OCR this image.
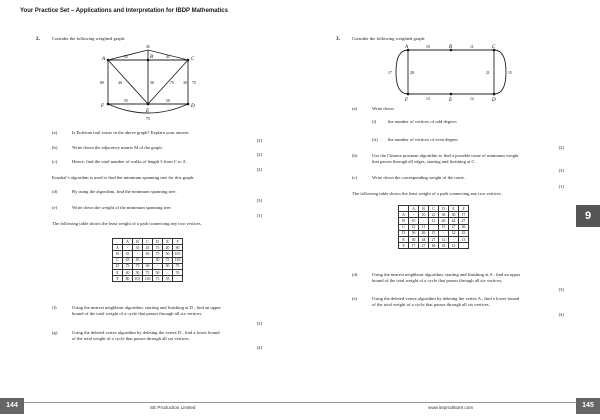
Your Practice Set – Applications and Interpretation for IBDP Mathematics
2.	Consider the following weighted graph:
A	B	C
D
E
F
45
35	45
75
80	40	50	75 30
55	50
75
(a)	Is Eulerian trail exists in the above graph? Explain your answer.
[2]
(b)	Write down the adjacency matrix M of the graph.
[2]
(c)	Hence, find the total number of walks of length 3 from C to A .
[2]
Kruskal’s algorithm is used to find the minimum spanning tree for this graph.
(d)	By using the algorithm, find the minimum spanning tree.
[3]
(e)	Write down the weight of the minimum spanning tree.
[1]
The following table shows the least weight of a path connecting any two vertices.
	A	B	C	D	E	F
A	-	35	45	75	40	80
B	35	-	45	75	50	105
C	45	45	-	30	75	130
D	75	75	30	-	50	75
E	40	50	75	50	-	55
F	80	105	130	75	55	-
(f)	Using the nearest neighbour algorithm, starting and finishing at D , find an upper
bound of the total weight of a cycle that passes through all six vertices.
[3]
(g)	Using the deleted vertex algorithm by deleting the vertex D , find a lower bound
of the total weight of a cycle that passes through all six vertices.
[4]
3.	Consider the following weighted graph:
A	B	C
D
E
F
10	11
17	28	21	15
13	12
(a)	Write down
(i)	the number of vertices of odd degree;
(ii) the number of vertices of even degree.
[2]
(b)	Use the Chinese postman algorithm to find a possible route of minimum weight
that passes through all edges, starting and finishing at C .
[3]
(c)	Write down the corresponding weight of the route.
[1]
The following table shows the least weight of a path connecting any two vertices.
	A	B	C	D	E	F
A	-	10	21	36	30	17
B	10	-	11	26	44	27
C	21	11	-	15	27	46
D	36	26	15	-	12	25
E	30	44	27	12	-	13
F	17	27	46	25	13	-
(d)	Using the nearest neighbour algorithm, starting and finishing at A , find an upper
bound of the total weight of a cycle that passes through all six vertices.
[3]
(e)	Using the deleted vertex algorithm by deleting the vertex A , find a lower bound
of the total weight of a cycle that passes through all six vertices.
[4]
9
144	SE Production Limited	www.seprodstore.com	145
